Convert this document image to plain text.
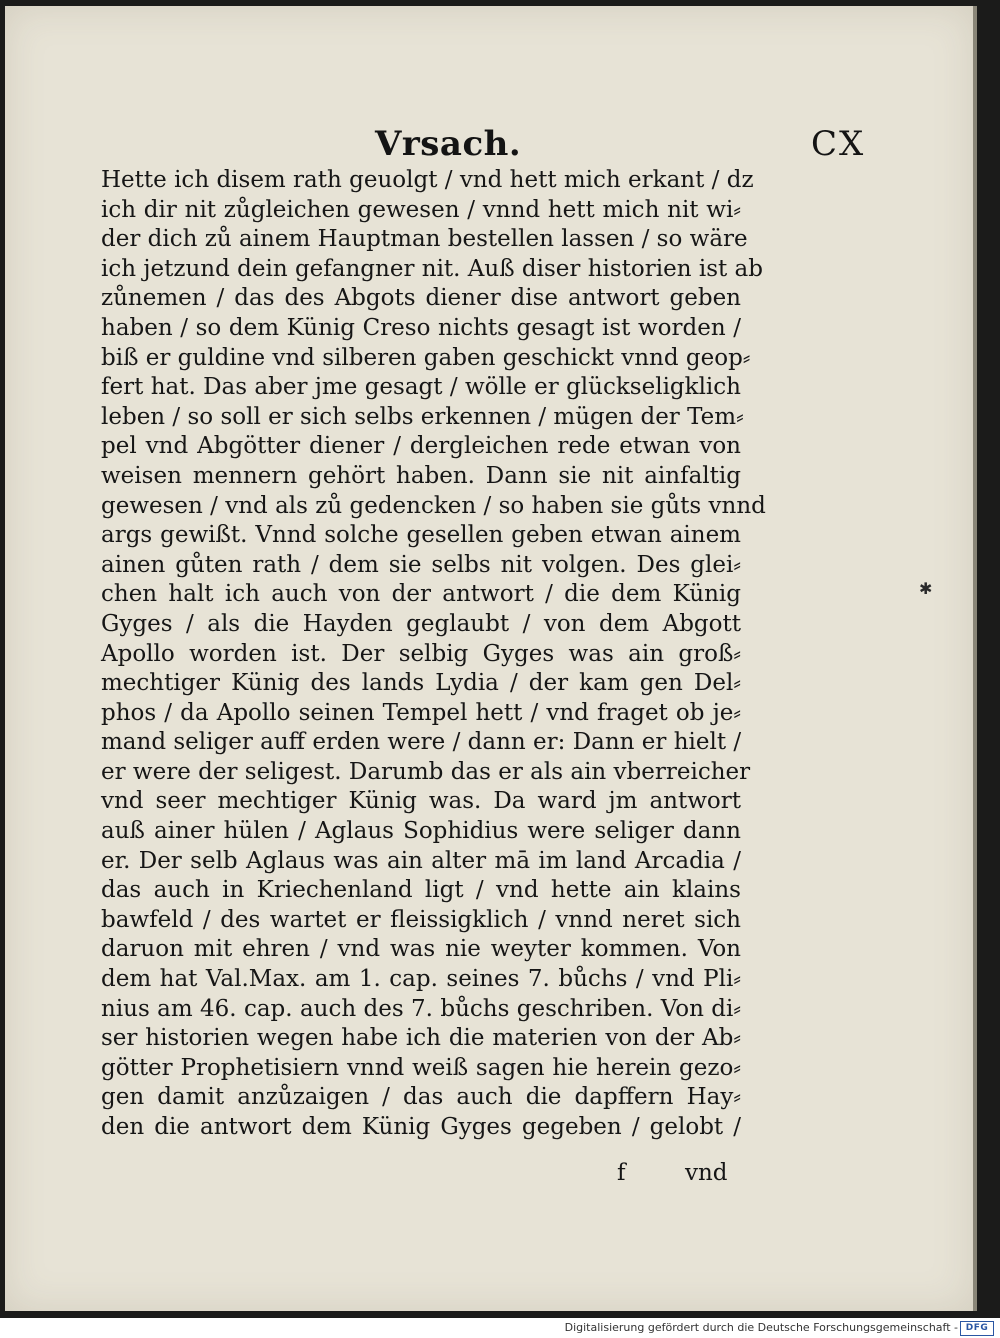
Vrsach.	CX
Hette ich disem rath geuolgt / vnd hett mich erkant / dz
ich dir nit zůgleichen gewesen / vnnd hett mich nit wi⸗
der dich zů ainem Hauptman bestellen lassen / so wäre
ich jetzund dein gefangner nit. Auß diser historien ist ab
zůnemen / das des Abgots diener dise antwort geben
haben / so dem Künig Creso nichts gesagt ist worden /
biß er guldine vnd silberen gaben geschickt vnnd geop⸗
fert hat. Das aber jme gesagt / wölle er glückseligklich
leben / so soll er sich selbs erkennen / mügen der Tem⸗
pel vnd Abgötter diener / dergleichen rede etwan von
weisen mennern gehört haben. Dann sie nit ainfaltig
gewesen / vnd als zů gedencken / so haben sie gůts vnnd
args gewißt. Vnnd solche gesellen geben etwan ainem
ainen gůten rath / dem sie selbs nit volgen. Des glei⸗
chen halt ich auch von der antwort / die dem Künig
Gyges / als die Hayden geglaubt / von dem Abgott
Apollo worden ist. Der selbig Gyges was ain groß⸗
mechtiger Künig des lands Lydia / der kam gen Del⸗
phos / da Apollo seinen Tempel hett / vnd fraget ob je⸗
mand seliger auff erden were / dann er: Dann er hielt /
er were der seligest. Darumb das er als ain vberreicher
vnd seer mechtiger Künig was. Da ward jm antwort
auß ainer hülen / Aglaus Sophidius were seliger dann
er. Der selb Aglaus was ain alter mā im land Arcadia /
das auch in Kriechenland ligt / vnd hette ain klains
bawfeld / des wartet er fleissigklich / vnnd neret sich
daruon mit ehren / vnd was nie weyter kommen. Von
dem hat Val.Max. am 1. cap. seines 7. bůchs / vnd Pli⸗
nius am 46. cap. auch des 7. bůchs geschriben. Von di⸗
ser historien wegen habe ich die materien von der Ab⸗
götter Prophetisiern vnnd weiß sagen hie herein gezo⸗
gen damit anzůzaigen / das auch die dapffern Hay⸗
den die antwort dem Künig Gyges gegeben / gelobt /
f	vnd
✱
Digitalisierung gefördert durch die Deutsche Forschungsgemeinschaft - DFG
